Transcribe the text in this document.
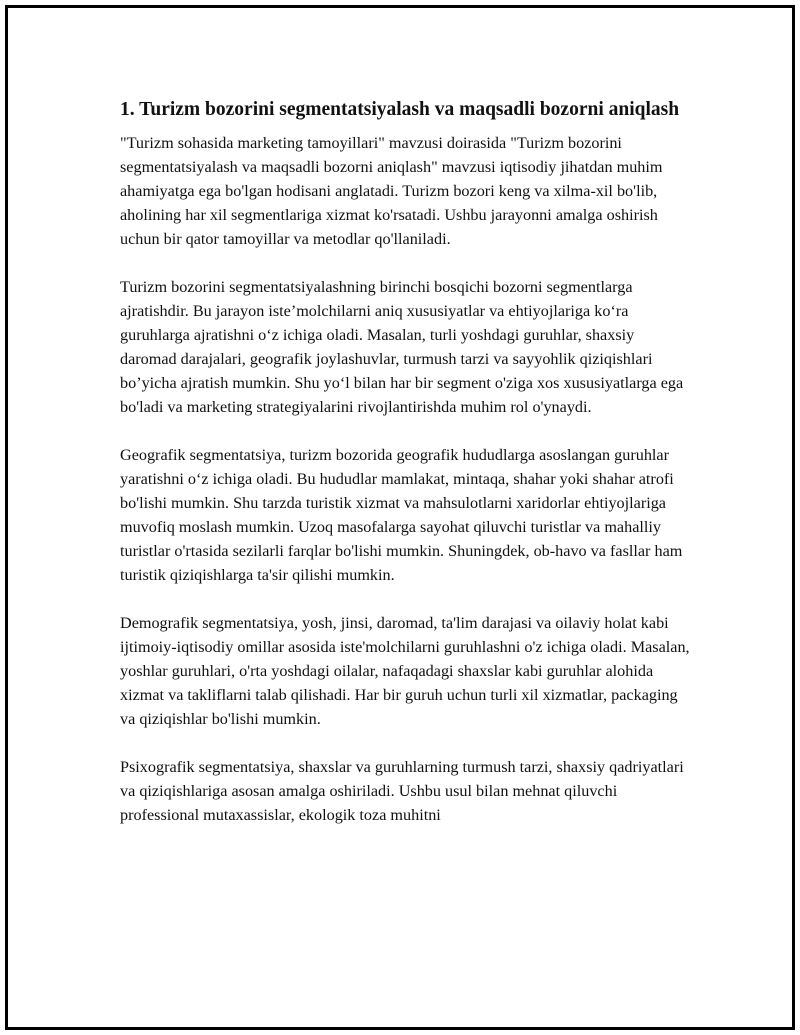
1. Turizm bozorini segmentatsiyalash va maqsadli bozorni aniqlash

"Turizm sohasida marketing tamoyillari" mavzusi doirasida "Turizm bozorini segmentatsiyalash va maqsadli bozorni aniqlash" mavzusi iqtisodiy jihatdan muhim ahamiyatga ega bo'lgan hodisani anglatadi. Turizm bozori keng va xilma-xil bo'lib, aholining har xil segmentlariga xizmat ko'rsatadi. Ushbu jarayonni amalga oshirish uchun bir qator tamoyillar va metodlar qo'llaniladi.

Turizm bozorini segmentatsiyalashning birinchi bosqichi bozorni segmentlarga ajratishdir. Bu jarayon iste’molchilarni aniq xususiyatlar va ehtiyojlariga ko‘ra guruhlarga ajratishni o‘z ichiga oladi. Masalan, turli yoshdagi guruhlar, shaxsiy daromad darajalari, geografik joylashuvlar, turmush tarzi va sayyohlik qiziqishlari bo’yicha ajratish mumkin. Shu yo‘l bilan har bir segment o'ziga xos xususiyatlarga ega bo'ladi va marketing strategiyalarini rivojlantirishda muhim rol o'ynaydi.

Geografik segmentatsiya, turizm bozorida geografik hududlarga asoslangan guruhlar yaratishni o‘z ichiga oladi. Bu hududlar mamlakat, mintaqa, shahar yoki shahar atrofi bo'lishi mumkin. Shu tarzda turistik xizmat va mahsulotlarni xaridorlar ehtiyojlariga muvofiq moslash mumkin. Uzoq masofalarga sayohat qiluvchi turistlar va mahalliy turistlar o'rtasida sezilarli farqlar bo'lishi mumkin. Shuningdek, ob-havo va fasllar ham turistik qiziqishlarga ta'sir qilishi mumkin.

Demografik segmentatsiya, yosh, jinsi, daromad, ta'lim darajasi va oilaviy holat kabi ijtimoiy-iqtisodiy omillar asosida iste'molchilarni guruhlashni o'z ichiga oladi. Masalan, yoshlar guruhlari, o'rta yoshdagi oilalar, nafaqadagi shaxslar kabi guruhlar alohida xizmat va takliflarni talab qilishadi. Har bir guruh uchun turli xil xizmatlar, packaging va qiziqishlar bo'lishi mumkin.

Psixografik segmentatsiya, shaxslar va guruhlarning turmush tarzi, shaxsiy qadriyatlari va qiziqishlariga asosan amalga oshiriladi. Ushbu usul bilan mehnat qiluvchi professional mutaxassislar, ekologik toza muhitni
